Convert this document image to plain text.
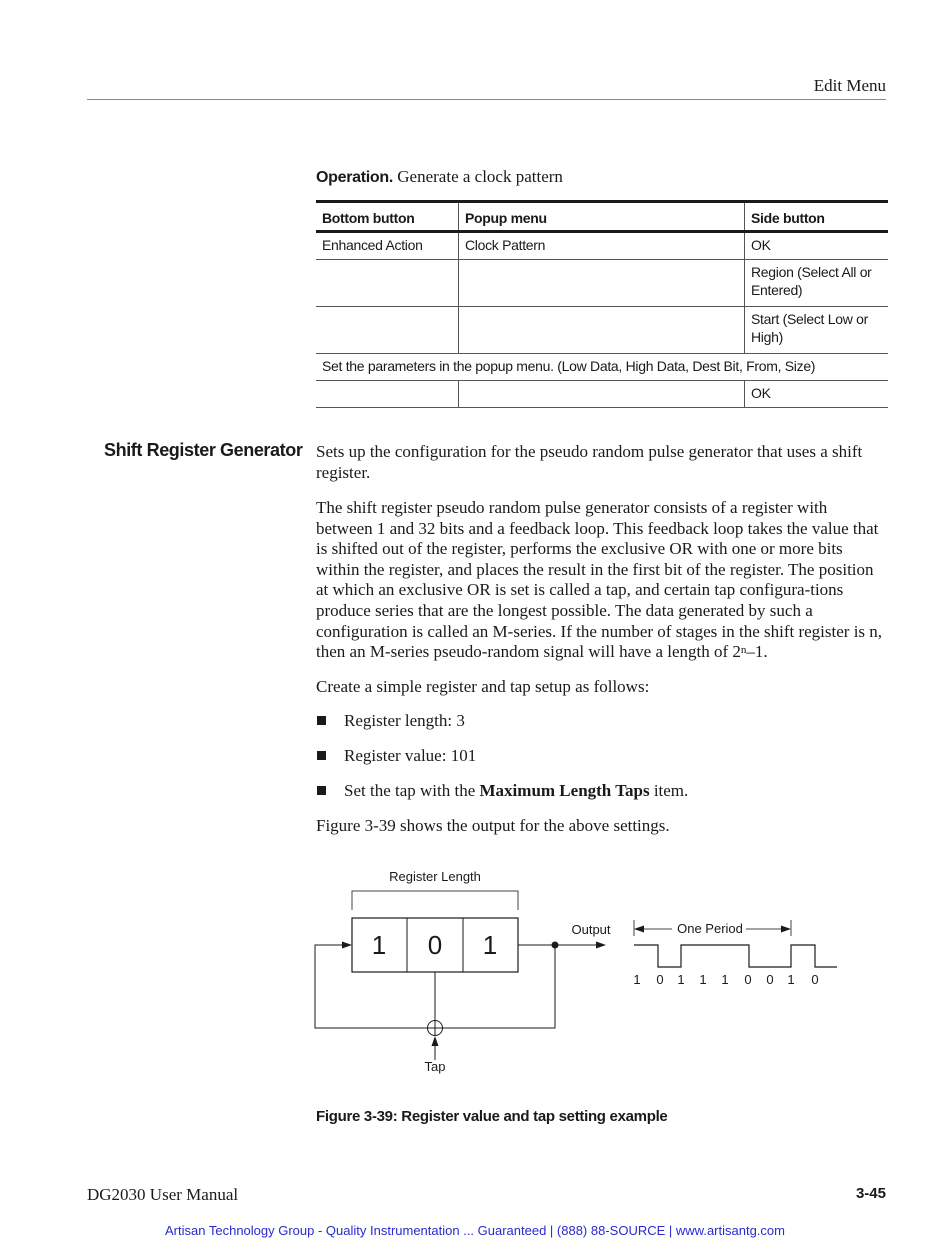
Edit Menu
Operation. Generate a clock pattern
Bottom button	Popup menu	Side button
Enhanced Action	Clock Pattern	OK
		Region (Select All or Entered)
		Start (Select Low or High)
Set the parameters in the popup menu. (Low Data, High Data, Dest Bit, From, Size)		
		OK
Shift Register Generator Sets up the configuration for the pseudo random pulse generator that uses a shift register.

The shift register pseudo random pulse generator consists of a register with between 1 and 32 bits and a feedback loop. This feedback loop takes the value that is shifted out of the register, performs the exclusive OR with one or more bits within the register, and places the result in the first bit of the register. The position at which an exclusive OR is set is called a tap, and certain tap configura-tions produce series that are the longest possible. The data generated by such a configuration is called an M-series. If the number of stages in the shift register is n, then an M-series pseudo-random signal will have a length of 2$^n$–1.

Create a simple register and tap setup as follows:

Register length: 3
Register value: 101
Set the tap with the Maximum Length Taps item.

Figure 3-39 shows the output for the above settings.

Register Length
1 0 1
Output
Tap
One Period
1 0 1 1 1 0 0 1 0
Figure 3-39: Register value and tap setting example
DG2030 User Manual	3-45
Artisan Technology Group - Quality Instrumentation ... Guaranteed | (888) 88-SOURCE | www.artisantg.com
